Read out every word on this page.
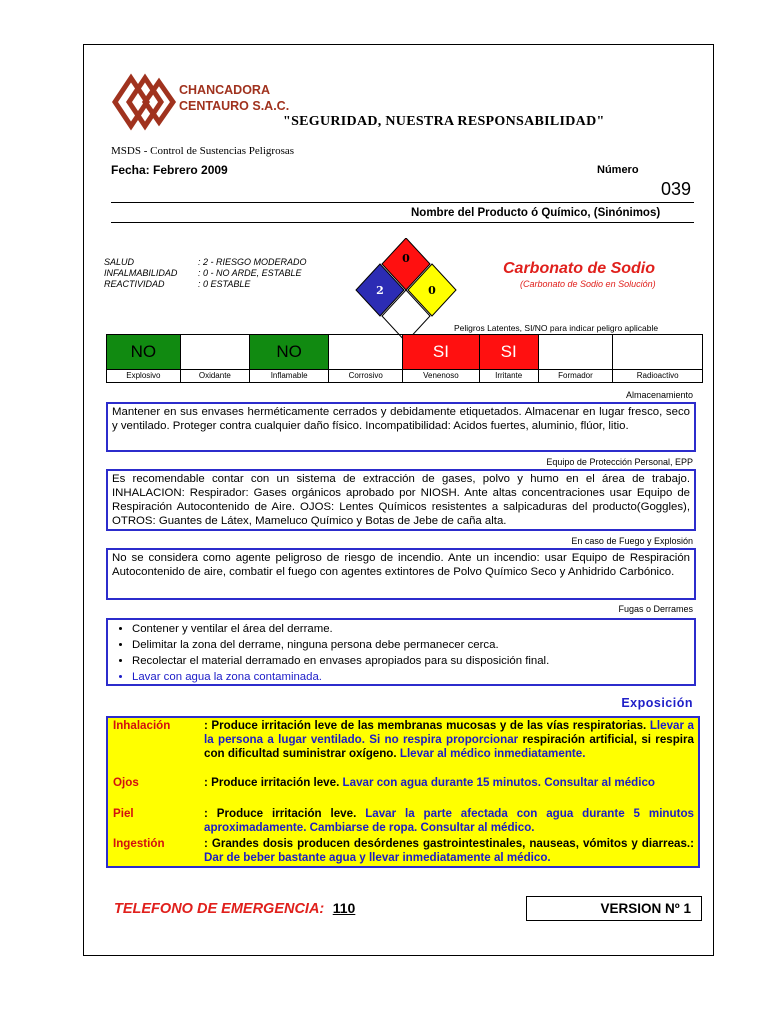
CHANCADORA
CENTAURO S.A.C.
"SEGURIDAD, NUESTRA RESPONSABILIDAD"
MSDS - Control de Sustencias Peligrosas
Fecha: Febrero 2009	Número
039
Nombre del Producto ó Químico, (Sinónimos)
SALUD	: 2 - RIESGO MODERADO
INFALMABILIDAD : 0 - NO ARDE, ESTABLE
REACTIVIDAD	: 0 ESTABLE
0
2	0
Carbonato de Sodio
(Carbonato de Sodio en Solución)
Peligros Latentes, SI/NO para indicar peligro aplicable
NO		NO		SI	SI		
Explosivo	Oxidante	Inflamable	Corrosivo	Venenoso	Irritante	Formador	Radioactivo
Almacenamiento
Mantener en sus envases herméticamente cerrados y debidamente etiquetados. Almacenar en lugar fresco, seco y ventilado. Proteger contra cualquier daño físico. Incompatibilidad: Acidos fuertes, aluminio, flúor, litio.
Equipo de Protección Personal, EPP
Es recomendable contar con un sistema de extracción de gases, polvo y humo en el área de trabajo. INHALACION: Respirador: Gases orgánicos aprobado por NIOSH. Ante altas concentraciones usar Equipo de Respiración Autocontenido de Aire. OJOS: Lentes Químicos resistentes a salpicaduras del producto(Goggles), OTROS: Guantes de Látex, Mameluco Químico y Botas de Jebe de caña alta.
En caso de Fuego y Explosión
No se considera como agente peligroso de riesgo de incendio. Ante un incendio: usar Equipo de Respiración Autocontenido de aire, combatir el fuego con agentes extintores de Polvo Químico Seco y Anhidrido Carbónico.
Fugas o Derrames
• Contener y ventilar el área del derrame.
• Delimitar la zona del derrame, ninguna persona debe permanecer cerca.
• Recolectar el material derramado en envases apropiados para su disposición final.
• Lavar con agua la zona contaminada.
Exposición
Inhalación	: Produce irritación leve de las membranas mucosas y de las vías respiratorias. Llevar a la persona a lugar ventilado. Si no respira proporcionar respiración artificial, si respira con dificultad suministrar oxígeno. Llevar al médico inmediatamente.
Ojos	: Produce irritación leve. Lavar con agua durante 15 minutos. Consultar al médico
Piel	: Produce irritación leve. Lavar la parte afectada con agua durante 5 minutos aproximadamente. Cambiarse de ropa. Consultar al médico.
Ingestión	: Grandes dosis producen desórdenes gastrointestinales, nauseas, vómitos y diarreas.: Dar de beber bastante agua y llevar inmediatamente al médico.
TELEFONO DE EMERGENCIA: 110	VERSION Nº 1
